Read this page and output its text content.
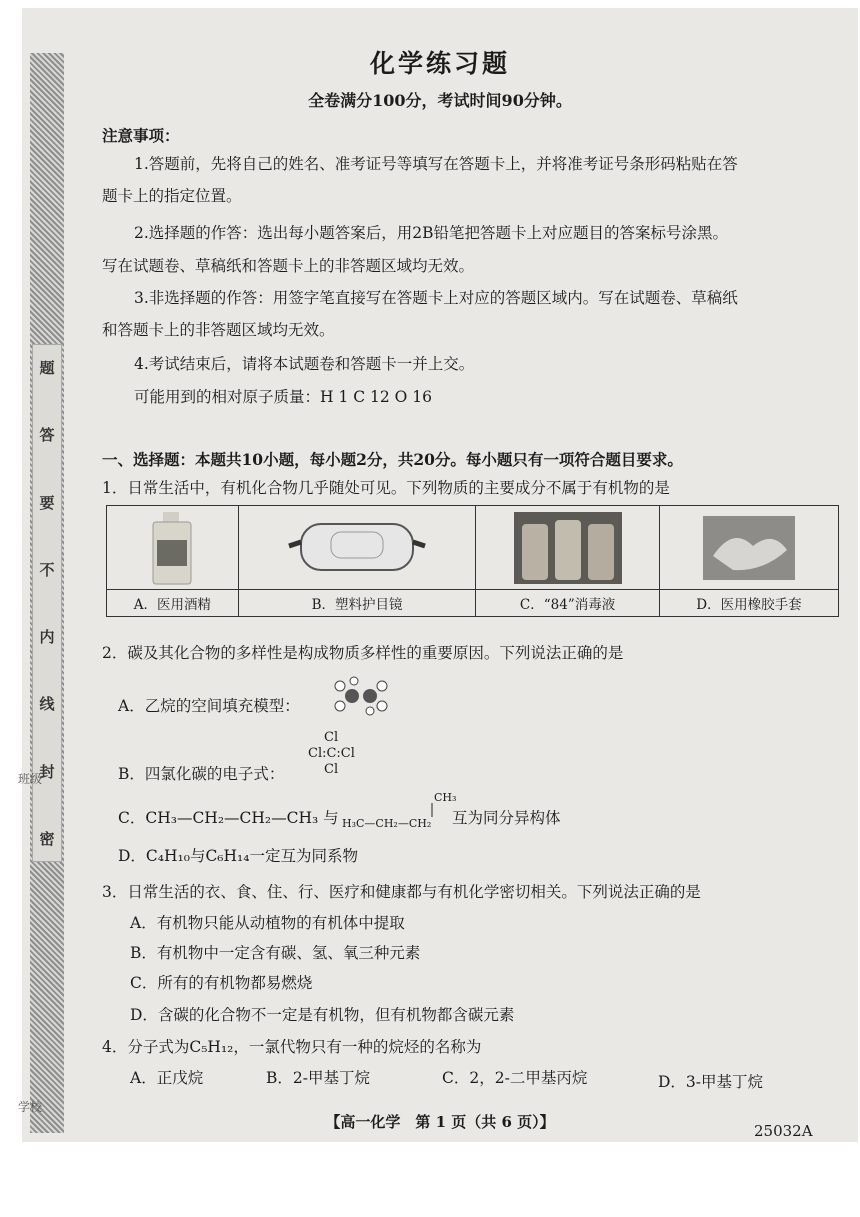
题
答
要
不
内
线
封
密
学校
班级
化学练习题
全卷满分100分，考试时间90分钟。
注意事项：
1.答题前，先将自己的姓名、准考证号等填写在答题卡上，并将准考证号条形码粘贴在答
题卡上的指定位置。
2.选择题的作答：选出每小题答案后，用2B铅笔把答题卡上对应题目的答案标号涂黑。
写在试题卷、草稿纸和答题卡上的非答题区域均无效。
3.非选择题的作答：用签字笔直接写在答题卡上对应的答题区域内。写在试题卷、草稿纸
和答题卡上的非答题区域均无效。
4.考试结束后，请将本试题卷和答题卡一并上交。
可能用到的相对原子质量：H 1 C 12 O 16
一、选择题：本题共10小题，每小题2分，共20分。每小题只有一项符合题目要求。
1．日常生活中，有机化合物几乎随处可见。下列物质的主要成分不属于有机物的是

A．医用酒精	B．塑料护目镜	C．“84”消毒液	D．医用橡胶手套
2．碳及其化合物的多样性是构成物质多样性的重要原因。下列说法正确的是
A．乙烷的空间填充模型：
B．四氯化碳的电子式：
Cl
Cl:C:Cl
Cl
C．CH₃—CH₂—CH₂—CH₃ 与
CH₃
H₃C—CH₂—CH₂ 互为同分异构体
D．C₄H₁₀与C₆H₁₄一定互为同系物
3．日常生活的衣、食、住、行、医疗和健康都与有机化学密切相关。下列说法正确的是
A．有机物只能从动植物的有机体中提取
B．有机物中一定含有碳、氢、氧三种元素
C．所有的有机物都易燃烧
D．含碳的化合物不一定是有机物，但有机物都含碳元素
4．分子式为C₅H₁₂，一氯代物只有一种的烷烃的名称为
A．正戊烷	B．2-甲基丁烷	C．2，2-二甲基丙烷	D．3-甲基丁烷
【高一化学　第 1 页（共 6 页）】	25032A
